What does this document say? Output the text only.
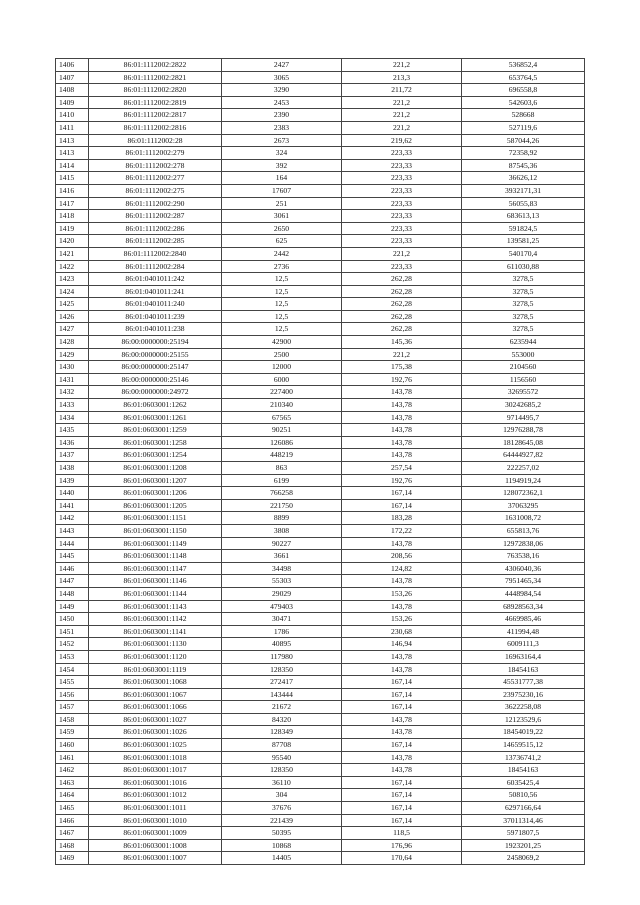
1406	86:01:1112002:2822	2427	221,2	536852,4
1407	86:01:1112002:2821	3065	213,3	653764,5
1408	86:01:1112002:2820	3290	211,72	696558,8
1409	86:01:1112002:2819	2453	221,2	542603,6
1410	86:01:1112002:2817	2390	221,2	528668
1411	86:01:1112002:2816	2383	221,2	527119,6
1413	86:01:1112002:28	2673	219,62	587044,26
1413	86:01:1112002:279	324	223,33	72358,92
1414	86:01:1112002:278	392	223,33	87545,36
1415	86:01:1112002:277	164	223,33	36626,12
1416	86:01:1112002:275	17607	223,33	3932171,31
1417	86:01:1112002:290	251	223,33	56055,83
1418	86:01:1112002:287	3061	223,33	683613,13
1419	86:01:1112002:286	2650	223,33	591824,5
1420	86:01:1112002:285	625	223,33	139581,25
1421	86:01:1112002:2840	2442	221,2	540170,4
1422	86:01:1112002:284	2736	223,33	611030,88
1423	86:01:0401011:242	12,5	262,28	3278,5
1424	86:01:0401011:241	12,5	262,28	3278,5
1425	86:01:0401011:240	12,5	262,28	3278,5
1426	86:01:0401011:239	12,5	262,28	3278,5
1427	86:01:0401011:238	12,5	262,28	3278,5
1428	86:00:0000000:25194	42900	145,36	6235944
1429	86:00:0000000:25155	2500	221,2	553000
1430	86:00:0000000:25147	12000	175,38	2104560
1431	86:00:0000000:25146	6000	192,76	1156560
1432	86:00:0000000:24972	227400	143,78	32695572
1433	86:01:0603001:1262	210340	143,78	30242685,2
1434	86:01:0603001:1261	67565	143,78	9714495,7
1435	86:01:0603001:1259	90251	143,78	12976288,78
1436	86:01:0603001:1258	126086	143,78	18128645,08
1437	86:01:0603001:1254	448219	143,78	64444927,82
1438	86:01:0603001:1208	863	257,54	222257,02
1439	86:01:0603001:1207	6199	192,76	1194919,24
1440	86:01:0603001:1206	766258	167,14	128072362,1
1441	86:01:0603001:1205	221750	167,14	37063295
1442	86:01:0603001:1151	8899	183,28	1631008,72
1443	86:01:0603001:1150	3808	172,22	655813,76
1444	86:01:0603001:1149	90227	143,78	12972838,06
1445	86:01:0603001:1148	3661	208,56	763538,16
1446	86:01:0603001:1147	34498	124,82	4306040,36
1447	86:01:0603001:1146	55303	143,78	7951465,34
1448	86:01:0603001:1144	29029	153,26	4448984,54
1449	86:01:0603001:1143	479403	143,78	68928563,34
1450	86:01:0603001:1142	30471	153,26	4669985,46
1451	86:01:0603001:1141	1786	230,68	411994,48
1452	86:01:0603001:1130	40895	146,94	6009111,3
1453	86:01:0603001:1120	117980	143,78	16963164,4
1454	86:01:0603001:1119	128350	143,78	18454163
1455	86:01:0603001:1068	272417	167,14	45531777,38
1456	86:01:0603001:1067	143444	167,14	23975230,16
1457	86:01:0603001:1066	21672	167,14	3622258,08
1458	86:01:0603001:1027	84320	143,78	12123529,6
1459	86:01:0603001:1026	128349	143,78	18454019,22
1460	86:01:0603001:1025	87708	167,14	14659515,12
1461	86:01:0603001:1018	95540	143,78	13736741,2
1462	86:01:0603001:1017	128350	143,78	18454163
1463	86:01:0603001:1016	36110	167,14	6035425,4
1464	86:01:0603001:1012	304	167,14	50810,56
1465	86:01:0603001:1011	37676	167,14	6297166,64
1466	86:01:0603001:1010	221439	167,14	37011314,46
1467	86:01:0603001:1009	50395	118,5	5971807,5
1468	86:01:0603001:1008	10868	176,96	1923201,25
1469	86:01:0603001:1007	14405	170,64	2458069,2
